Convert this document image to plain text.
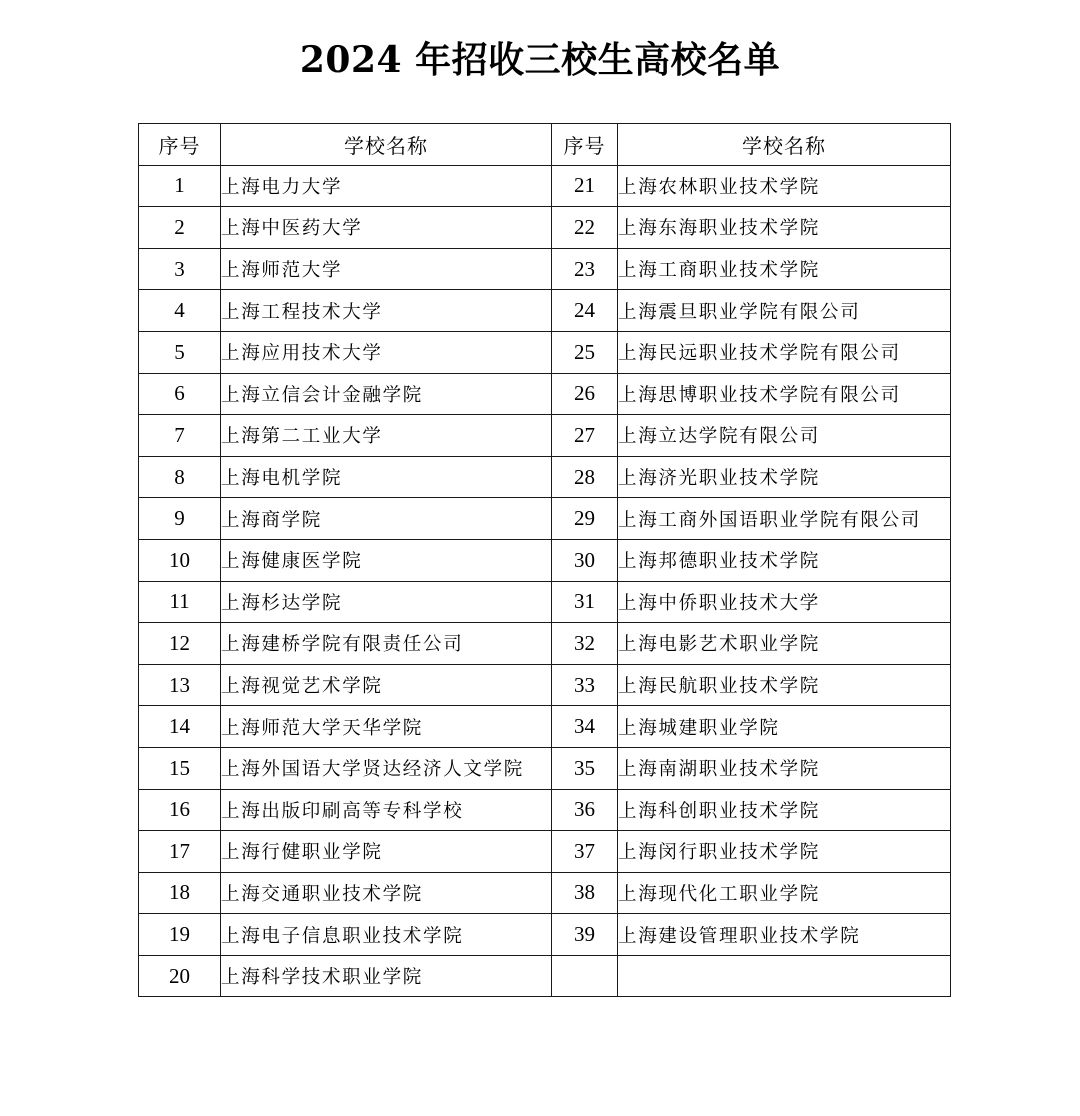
2024 年招收三校生高校名单
序号	学校名称	序号	学校名称
1	上海电力大学	21	上海农林职业技术学院
2	上海中医药大学	22	上海东海职业技术学院
3	上海师范大学	23	上海工商职业技术学院
4	上海工程技术大学	24	上海震旦职业学院有限公司
5	上海应用技术大学	25	上海民远职业技术学院有限公司
6	上海立信会计金融学院	26	上海思博职业技术学院有限公司
7	上海第二工业大学	27	上海立达学院有限公司
8	上海电机学院	28	上海济光职业技术学院
9	上海商学院	29	上海工商外国语职业学院有限公司
10	上海健康医学院	30	上海邦德职业技术学院
11	上海杉达学院	31	上海中侨职业技术大学
12	上海建桥学院有限责任公司	32	上海电影艺术职业学院
13	上海视觉艺术学院	33	上海民航职业技术学院
14	上海师范大学天华学院	34	上海城建职业学院
15	上海外国语大学贤达经济人文学院	35	上海南湖职业技术学院
16	上海出版印刷高等专科学校	36	上海科创职业技术学院
17	上海行健职业学院	37	上海闵行职业技术学院
18	上海交通职业技术学院	38	上海现代化工职业学院
19	上海电子信息职业技术学院	39	上海建设管理职业技术学院
20	上海科学技术职业学院		
